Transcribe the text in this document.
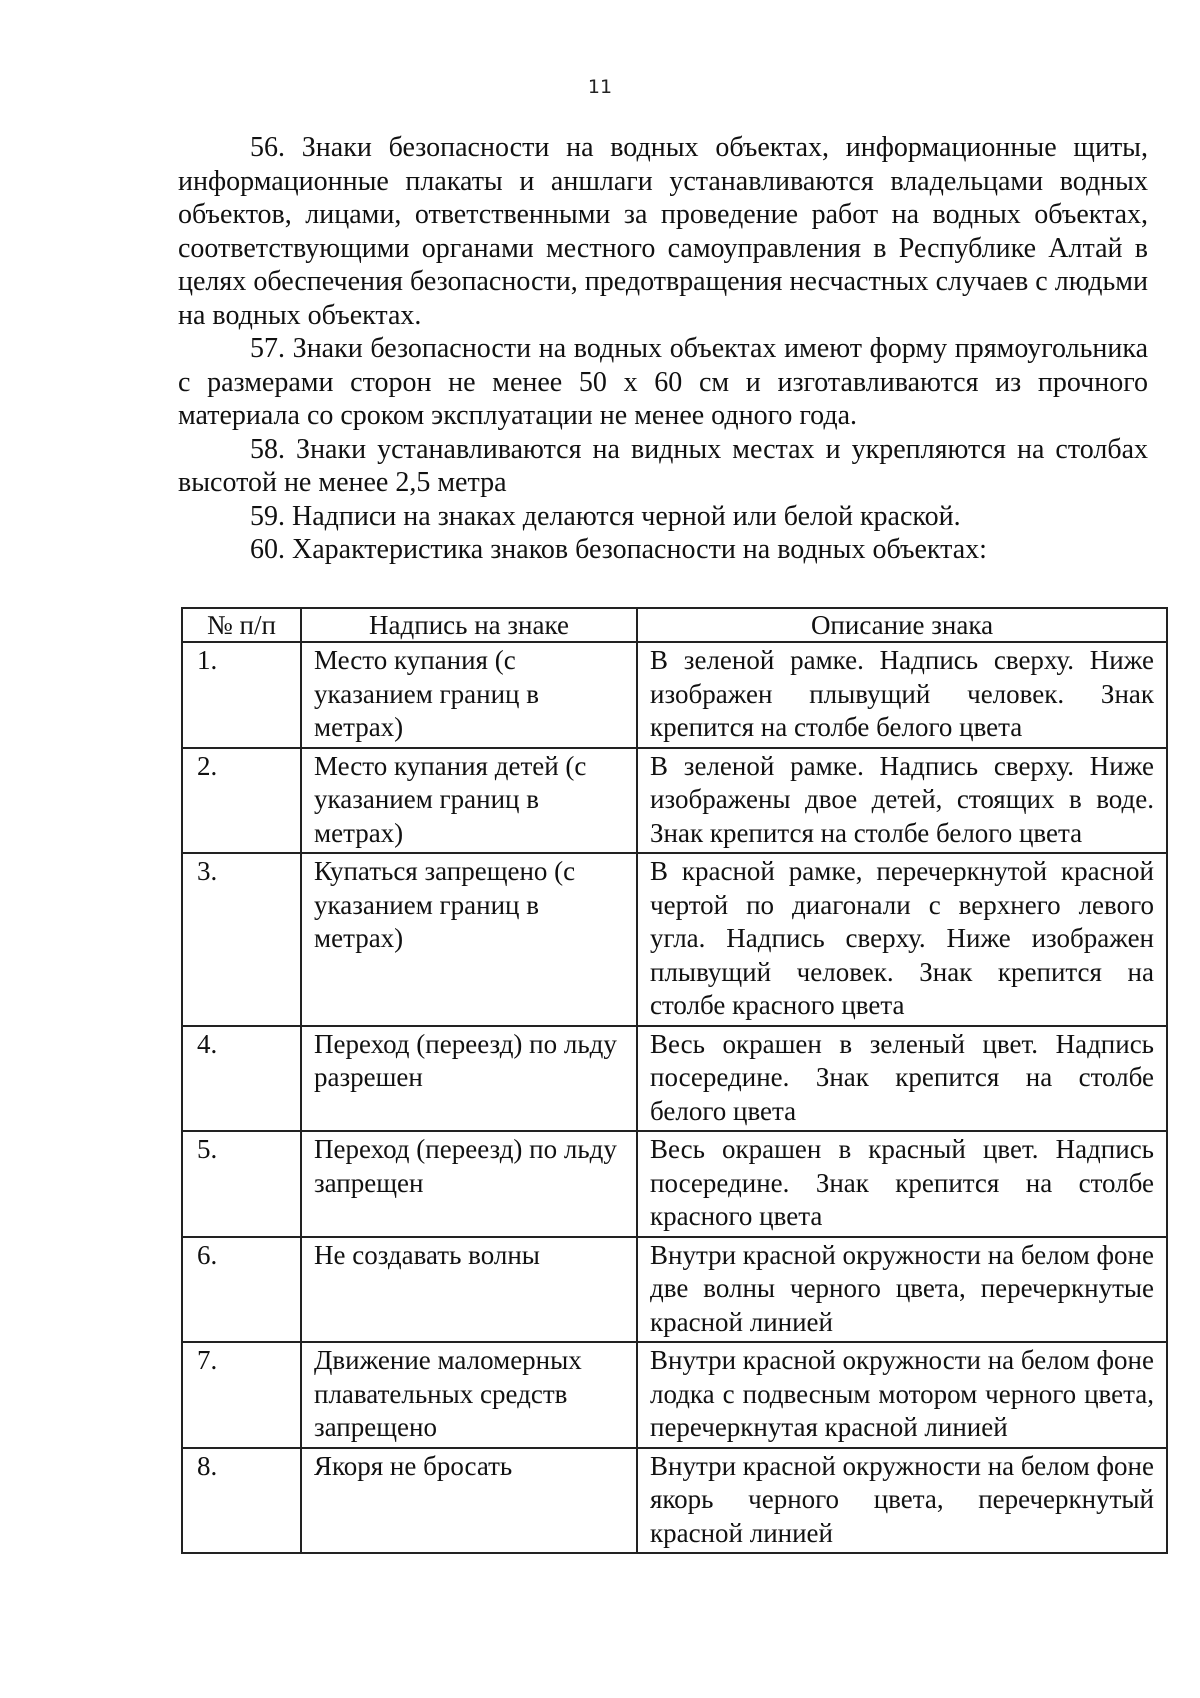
11

56. Знаки безопасности на водных объектах, информационные щиты, информационные плакаты и аншлаги устанавливаются владельцами водных объектов, лицами, ответственными за проведение работ на водных объектах, соответствующими органами местного самоуправления в Республике Алтай в целях обеспечения безопасности, предотвращения несчастных случаев с людьми на водных объектах.

57. Знаки безопасности на водных объектах имеют форму прямоугольника с размерами сторон не менее 50 х 60 см и изготавливаются из прочного материала со сроком эксплуатации не менее одного года.

58. Знаки устанавливаются на видных местах и укрепляются на столбах высотой не менее 2,5 метра

59. Надписи на знаках делаются черной или белой краской.

60. Характеристика знаков безопасности на водных объектах:

№ п/п	Надпись на знаке	Описание знака
1.	Место купания (с указанием границ в метрах)	В зеленой рамке. Надпись сверху. Ниже изображен плывущий человек. Знак крепится на столбе белого цвета
2.	Место купания детей (с указанием границ в метрах)	В зеленой рамке. Надпись сверху. Ниже изображены двое детей, стоящих в воде. Знак крепится на столбе белого цвета
3.	Купаться запрещено (с указанием границ в метрах)	В красной рамке, перечеркнутой красной чертой по диагонали с верхнего левого угла. Надпись сверху. Ниже изображен плывущий человек. Знак крепится на столбе красного цвета
4.	Переход (переезд) по льду разрешен	Весь окрашен в зеленый цвет. Надпись посередине. Знак крепится на столбе белого цвета
5.	Переход (переезд) по льду запрещен	Весь окрашен в красный цвет. Надпись посередине. Знак крепится на столбе красного цвета
6.	Не создавать волны	Внутри красной окружности на белом фоне две волны черного цвета, перечеркнутые красной линией
7.	Движение маломерных плавательных средств запрещено	Внутри красной окружности на белом фоне лодка с подвесным мотором черного цвета, перечеркнутая красной линией
8.	Якоря не бросать	Внутри красной окружности на белом фоне якорь черного цвета, перечеркнутый красной линией
